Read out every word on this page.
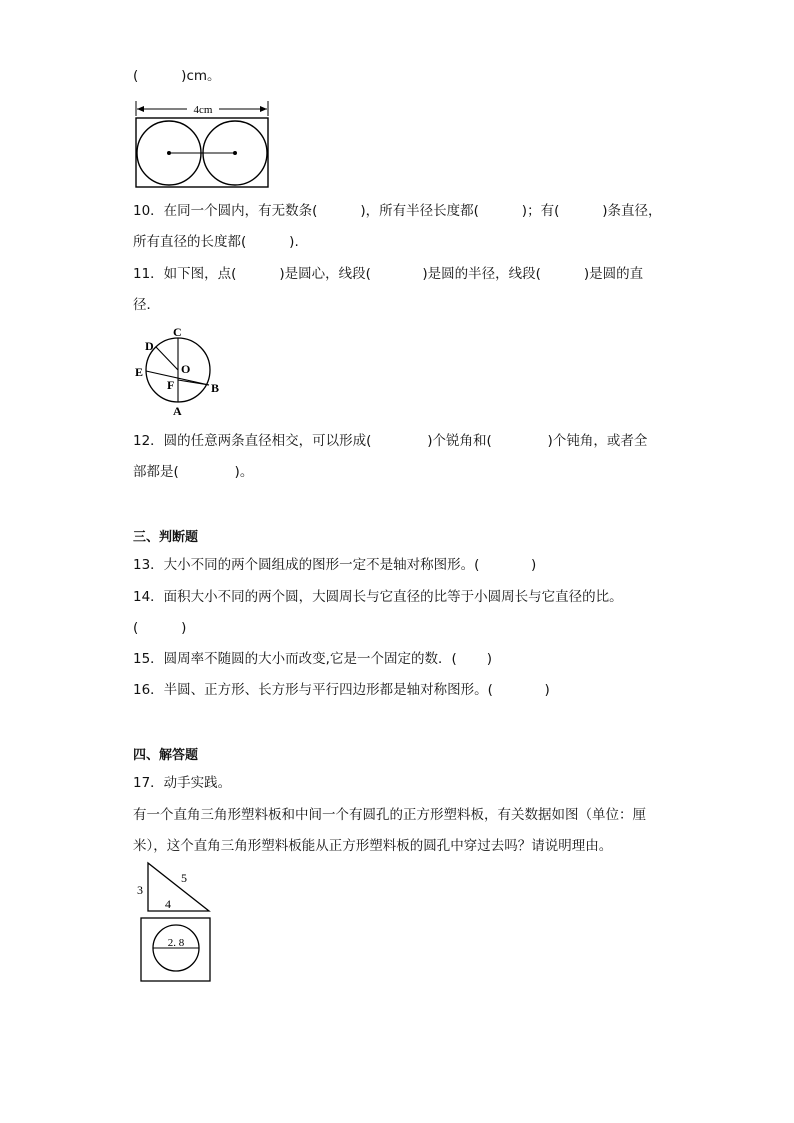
(          )cm。
4cm
10．在同一个圆内，有无数条(          )，所有半径长度都(          )；有(          )条直径，
所有直径的长度都(          ).
11．如下图，点(          )是圆心，线段(            )是圆的半径，线段(          )是圆的直
径．
C
D
O
E
F	B
A
12．圆的任意两条直径相交，可以形成(             )个锐角和(             )个钝角，或者全
部都是(             )。
三、判断题
13．大小不同的两个圆组成的图形一定不是轴对称图形。(            )
14．面积大小不同的两个圆，大圆周长与它直径的比等于小圆周长与它直径的比。
(          )
15．圆周率不随圆的大小而改变,它是一个固定的数．(       )
16．半圆、正方形、长方形与平行四边形都是轴对称图形。(            )
四、解答题
17．动手实践。
有一个直角三角形塑料板和中间一个有圆孔的正方形塑料板，有关数据如图（单位：厘
米），这个直角三角形塑料板能从正方形塑料板的圆孔中穿过去吗？请说明理由。
3
5
4
2. 8
